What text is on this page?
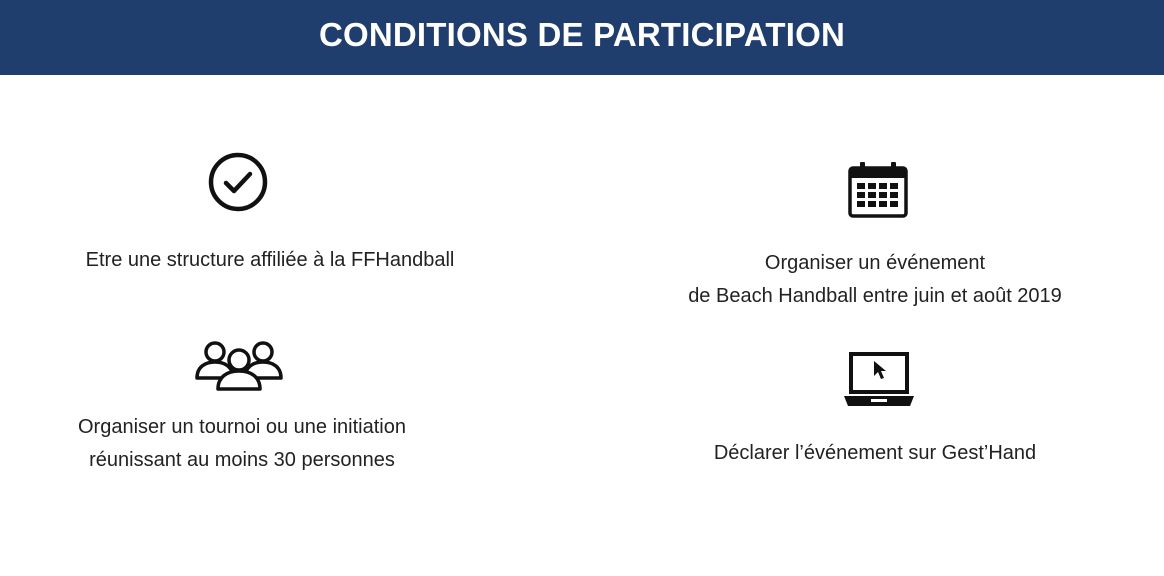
CONDITIONS DE PARTICIPATION
Etre une structure affiliée à la FFHandball	Organiser un événement
de Beach Handball entre juin et août 2019
Organiser un tournoi ou une initiation
réunissant au moins 30 personnes	Déclarer l’événement sur Gest’Hand
